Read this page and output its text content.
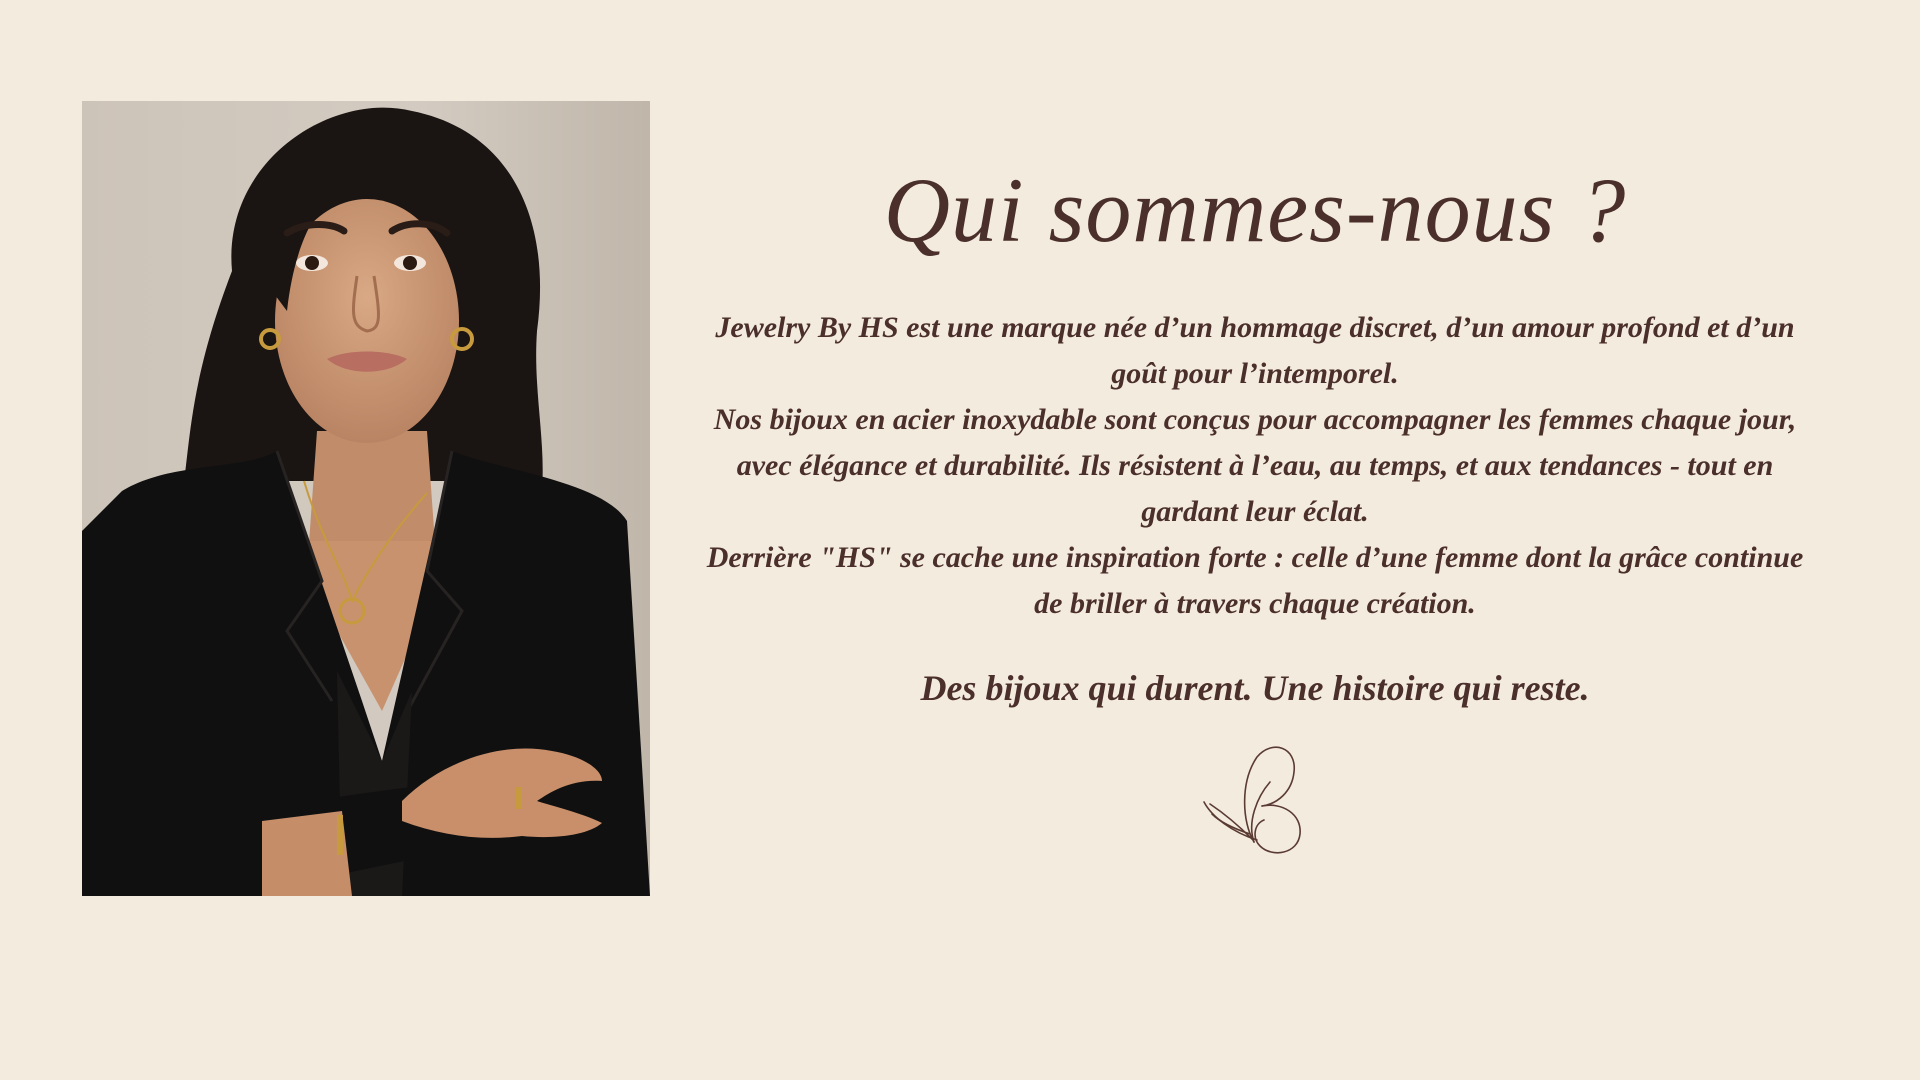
Qui sommes-nous ?

Jewelry By HS est une marque née d’un hommage discret, d’un amour profond et d’un goût pour l’intemporel.

Nos bijoux en acier inoxydable sont conçus pour accompagner les femmes chaque jour, avec élégance et durabilité. Ils résistent à l’eau, au temps, et aux tendances - tout en gardant leur éclat.

Derrière "HS" se cache une inspiration forte : celle d’une femme dont la grâce continue de briller à travers chaque création.

Des bijoux qui durent. Une histoire qui reste.
